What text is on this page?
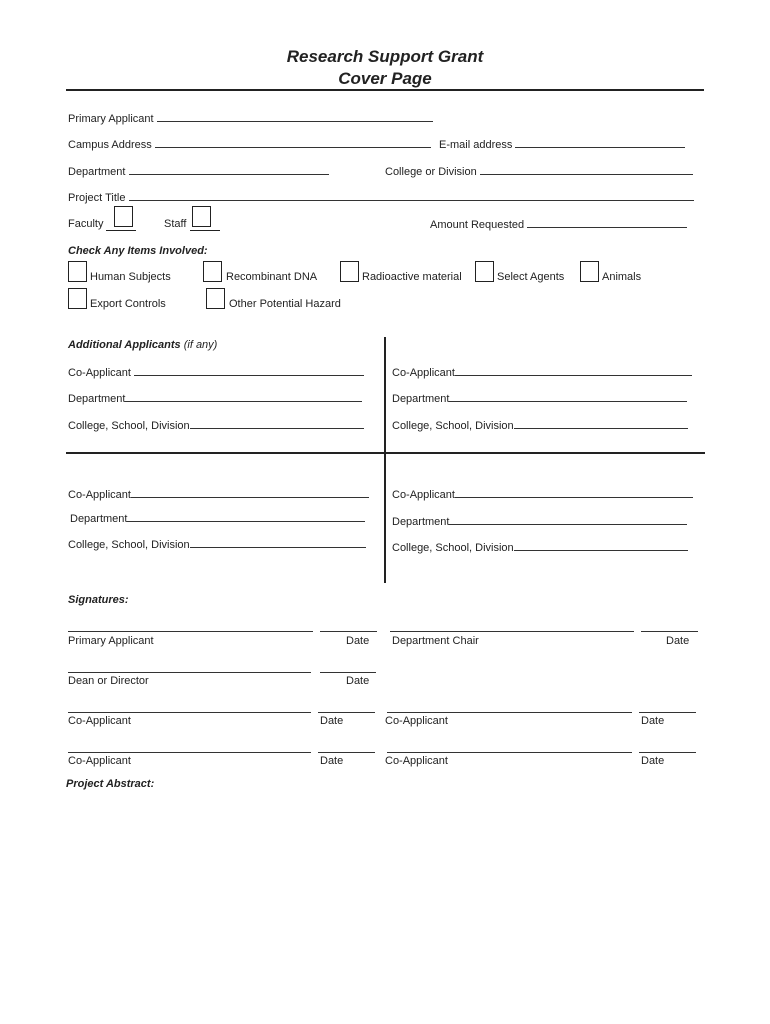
Research Support Grant
Cover Page
Primary Applicant
Campus Address	E-mail address
Department	College or Division
Project Title
Faculty	Staff	Amount Requested
Check Any Items Involved:
Human Subjects	Recombinant DNA	Radioactive material	Select Agents	Animals
Export Controls	Other Potential Hazard
Additional Applicants (if any)
Co-Applicant
Department
College, School, Division
Co-Applicant
Department
College, School, Division
Co-Applicant
Department
College, School, Division
Co-Applicant
Department
College, School, Division
Signatures:
Primary Applicant	Date Department Chair	Date
Dean or Director	Date
Co-Applicant	Date	Co-Applicant	Date
Co-Applicant	Date	Co-Applicant	Date
Project Abstract:
